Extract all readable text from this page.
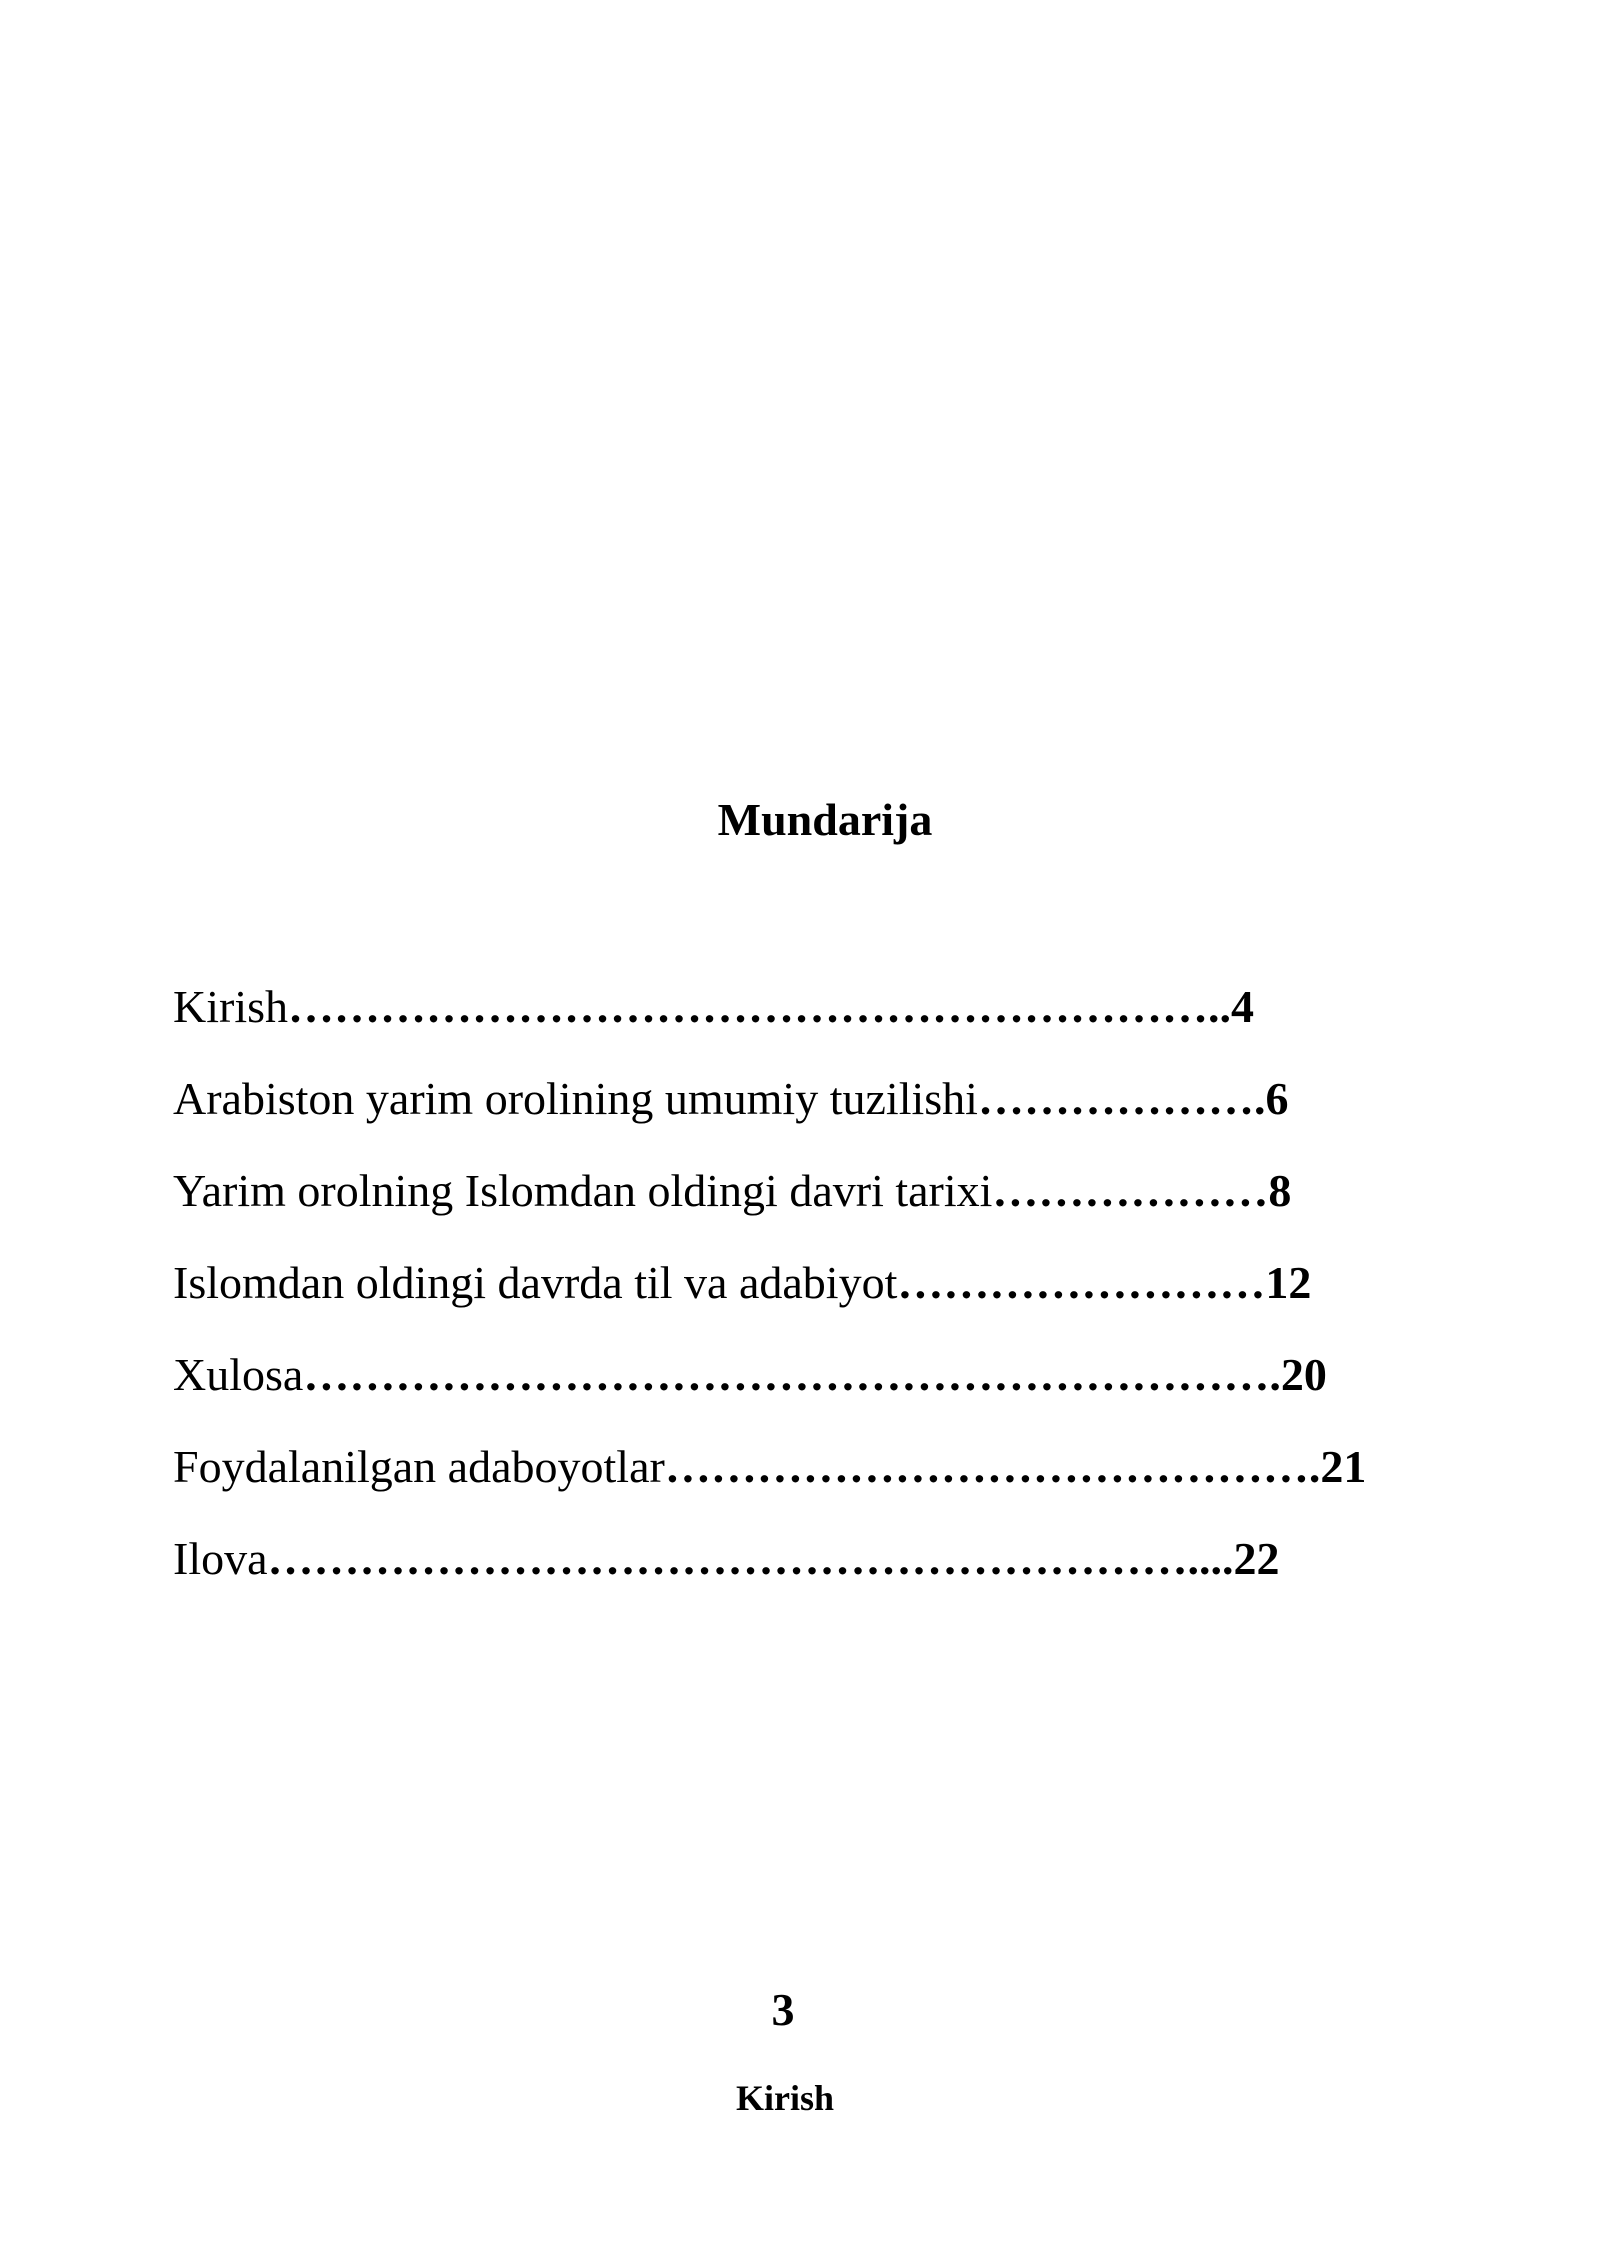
Mundarija
Kirish……………………………………………………..4
Arabiston yarim orolining umumiy tuzilishi……………….6
Yarim orolning Islomdan oldingi davri tarixi………………8
Islomdan oldingi davrda til va adabiyot……………………12
Xulosa……………………………………………………….20
Foydalanilgan adaboyotlar…………………………………….21
Ilova……………………………………………………....22
3
Kirish
